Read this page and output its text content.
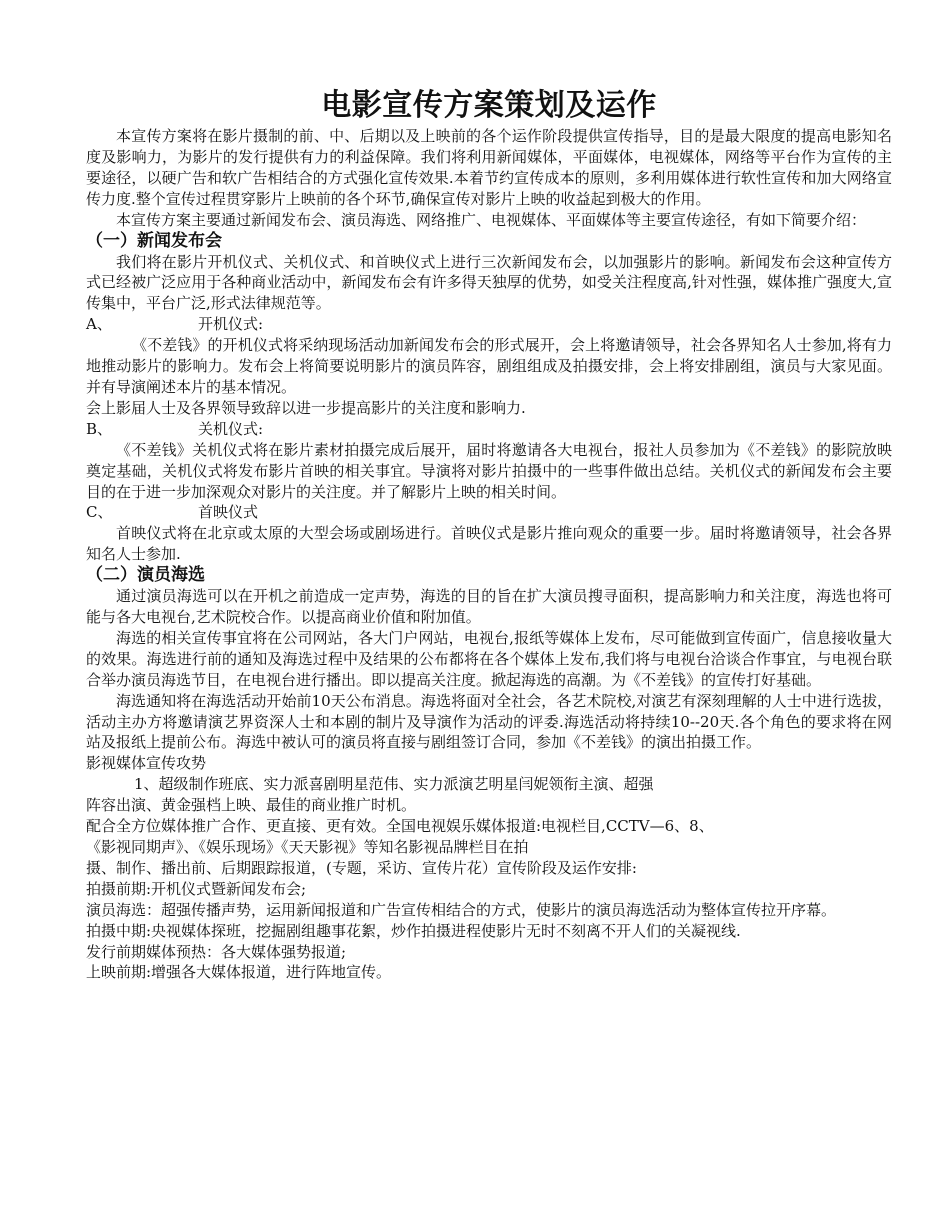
电影宣传方案策划及运作

本宣传方案将在影片摄制的前、中、后期以及上映前的各个运作阶段提供宣传指导，目的是最大限度的提高电影知名度及影响力，为影片的发行提供有力的利益保障。我们将利用新闻媒体，平面媒体，电视媒体，网络等平台作为宣传的主要途径，以硬广告和软广告相结合的方式强化宣传效果.本着节约宣传成本的原则，多利用媒体进行软性宣传和加大网络宣传力度.整个宣传过程贯穿影片上映前的各个环节,确保宣传对影片上映的收益起到极大的作用。

本宣传方案主要通过新闻发布会、演员海选、网络推广、电视媒体、平面媒体等主要宣传途径，有如下简要介绍：

（一）新闻发布会

我们将在影片开机仪式、关机仪式、和首映仪式上进行三次新闻发布会，以加强影片的影响。新闻发布会这种宣传方式已经被广泛应用于各种商业活动中，新闻发布会有许多得天独厚的优势，如受关注程度高,针对性强，媒体推广强度大,宣传集中，平台广泛,形式法律规范等。

A、	开机仪式:

《不差钱》的开机仪式将采纳现场活动加新闻发布会的形式展开，会上将邀请领导，社会各界知名人士参加,将有力地推动影片的影响力。发布会上将简要说明影片的演员阵容，剧组组成及拍摄安排，会上将安排剧组，演员与大家见面。并有导演阐述本片的基本情况。

会上影届人士及各界领导致辞以进一步提高影片的关注度和影响力.

B、	关机仪式:

《不差钱》关机仪式将在影片素材拍摄完成后展开，届时将邀请各大电视台，报社人员参加为《不差钱》的影院放映奠定基础，关机仪式将发布影片首映的相关事宜。导演将对影片拍摄中的一些事件做出总结。关机仪式的新闻发布会主要目的在于进一步加深观众对影片的关注度。并了解影片上映的相关时间。

C、	首映仪式

首映仪式将在北京或太原的大型会场或剧场进行。首映仪式是影片推向观众的重要一步。届时将邀请领导，社会各界知名人士参加.

（二）演员海选

通过演员海选可以在开机之前造成一定声势，海选的目的旨在扩大演员搜寻面积，提高影响力和关注度，海选也将可能与各大电视台,艺术院校合作。以提高商业价值和附加值。

海选的相关宣传事宜将在公司网站，各大门户网站，电视台,报纸等媒体上发布，尽可能做到宣传面广，信息接收量大的效果。海选进行前的通知及海选过程中及结果的公布都将在各个媒体上发布,我们将与电视台洽谈合作事宜，与电视台联合举办演员海选节目，在电视台进行播出。即以提高关注度。掀起海选的高潮。为《不差钱》的宣传打好基础。

海选通知将在海选活动开始前10天公布消息。海选将面对全社会，各艺术院校,对演艺有深刻理解的人士中进行选拔，活动主办方将邀请演艺界资深人士和本剧的制片及导演作为活动的评委.海选活动将持续10--20天.各个角色的要求将在网站及报纸上提前公布。海选中被认可的演员将直接与剧组签订合同，参加《不差钱》的演出拍摄工作。

影视媒体宣传攻势
1、超级制作班底、实力派喜剧明星范伟、实力派演艺明星闫妮领衔主演、超强
阵容出演、黄金强档上映、最佳的商业推广时机。
配合全方位媒体推广合作、更直接、更有效。全国电视娱乐媒体报道:电视栏目,CCTV—6、8、
《影视同期声》、《娱乐现场》《天天影视》等知名影视品牌栏目在拍
摄、制作、播出前、后期跟踪报道，(专题，采访、宣传片花）宣传阶段及运作安排:
拍摄前期:开机仪式暨新闻发布会;

演员海选：超强传播声势，运用新闻报道和广告宣传相结合的方式，使影片的演员海选活动为整体宣传拉开序幕。

拍摄中期:央视媒体探班，挖掘剧组趣事花絮，炒作拍摄进程使影片无时不刻离不开人们的关凝视线.

发行前期媒体预热：各大媒体强势报道;
上映前期:增强各大媒体报道，进行阵地宣传。
